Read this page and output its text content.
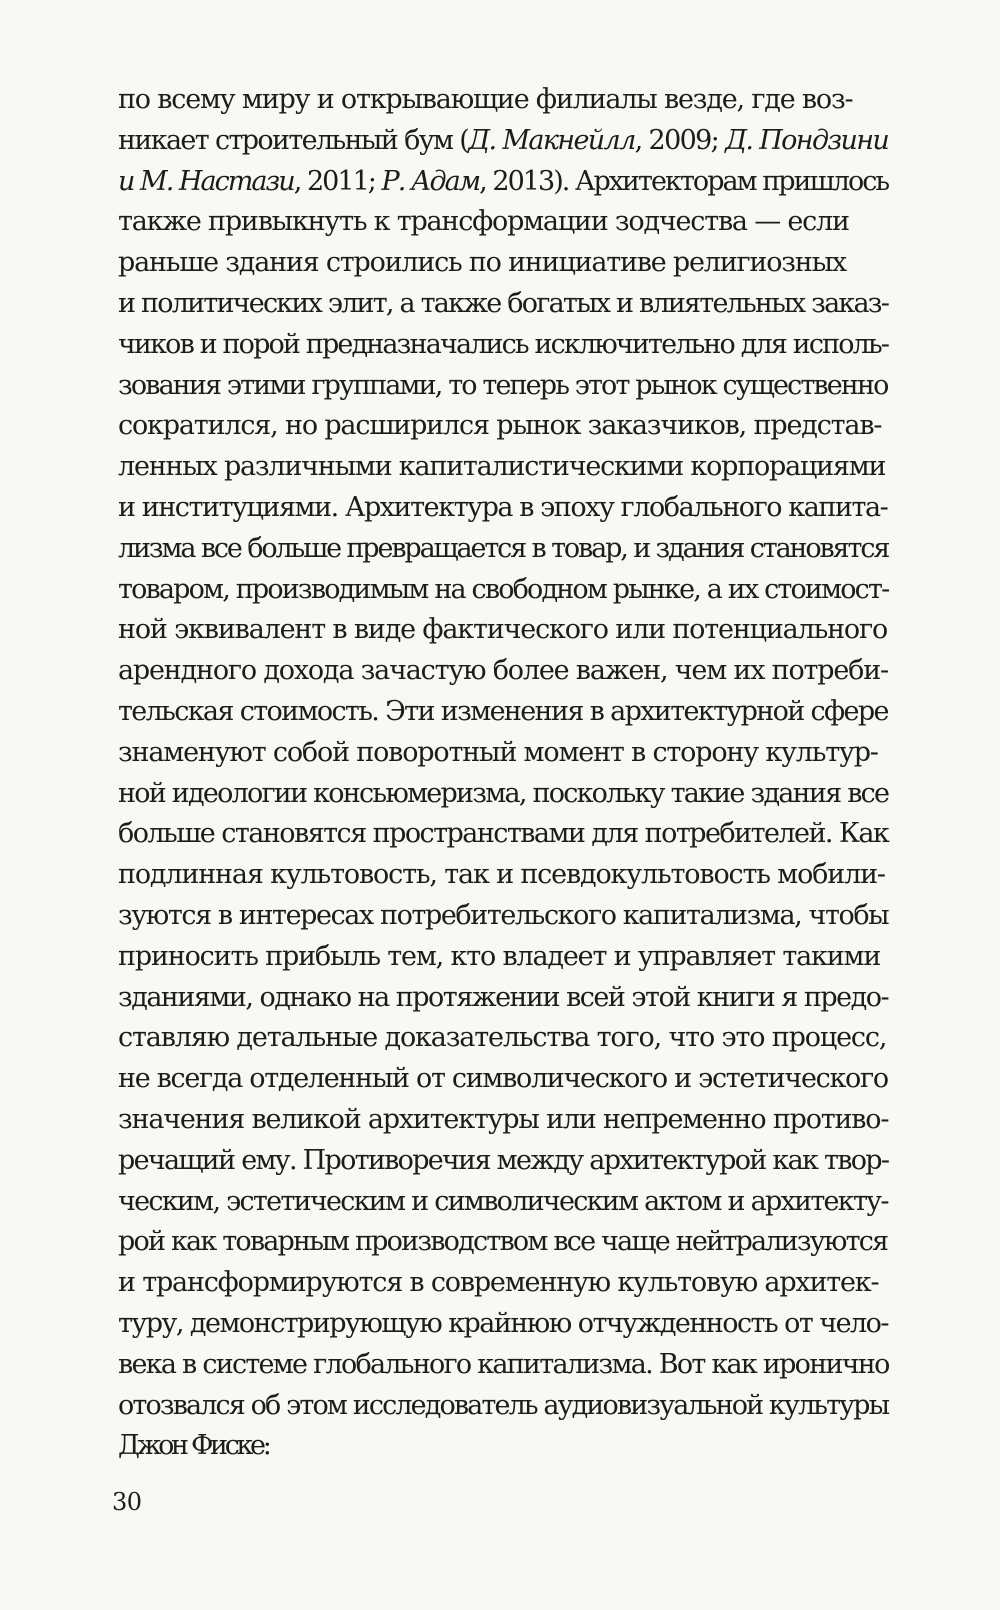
по всему миру и открывающие филиалы везде, где воз-
никает строительный бум (Д. Макнейлл, 2009; Д. Пондзини
и М. Настази, 2011; Р. Адам, 2013). Архитекторам пришлось
также привыкнуть к трансформации зодчества — если
раньше здания строились по инициативе религиозных
и политических элит, а также богатых и влиятельных заказ-
чиков и порой предназначались исключительно для исполь-
зования этими группами, то теперь этот рынок существенно
сократился, но расширился рынок заказчиков, представ-
ленных различными капиталистическими корпорациями
и институциями. Архитектура в эпоху глобального капита-
лизма все больше превращается в товар, и здания становятся
товаром, производимым на свободном рынке, а их стоимост-
ной эквивалент в виде фактического или потенциального
арендного дохода зачастую более важен, чем их потреби-
тельская стоимость. Эти изменения в архитектурной сфере
знаменуют собой поворотный момент в сторону культур-
ной идеологии консьюмеризма, поскольку такие здания все
больше становятся пространствами для потребителей. Как
подлинная культовость, так и псевдокультовость мобили-
зуются в интересах потребительского капитализма, чтобы
приносить прибыль тем, кто владеет и управляет такими
зданиями, однако на протяжении всей этой книги я предо-
ставляю детальные доказательства того, что это процесс,
не всегда отделенный от символического и эстетического
значения великой архитектуры или непременно противо-
речащий ему. Противоречия между архитектурой как твор-
ческим, эстетическим и символическим актом и архитекту-
рой как товарным производством все чаще нейтрализуются
и трансформируются в современную культовую архитек-
туру, демонстрирующую крайнюю отчужденность от чело-
века в системе глобального капитализма. Вот как иронично
отозвался об этом исследователь аудиовизуальной культуры
Джон Фиске:
30
